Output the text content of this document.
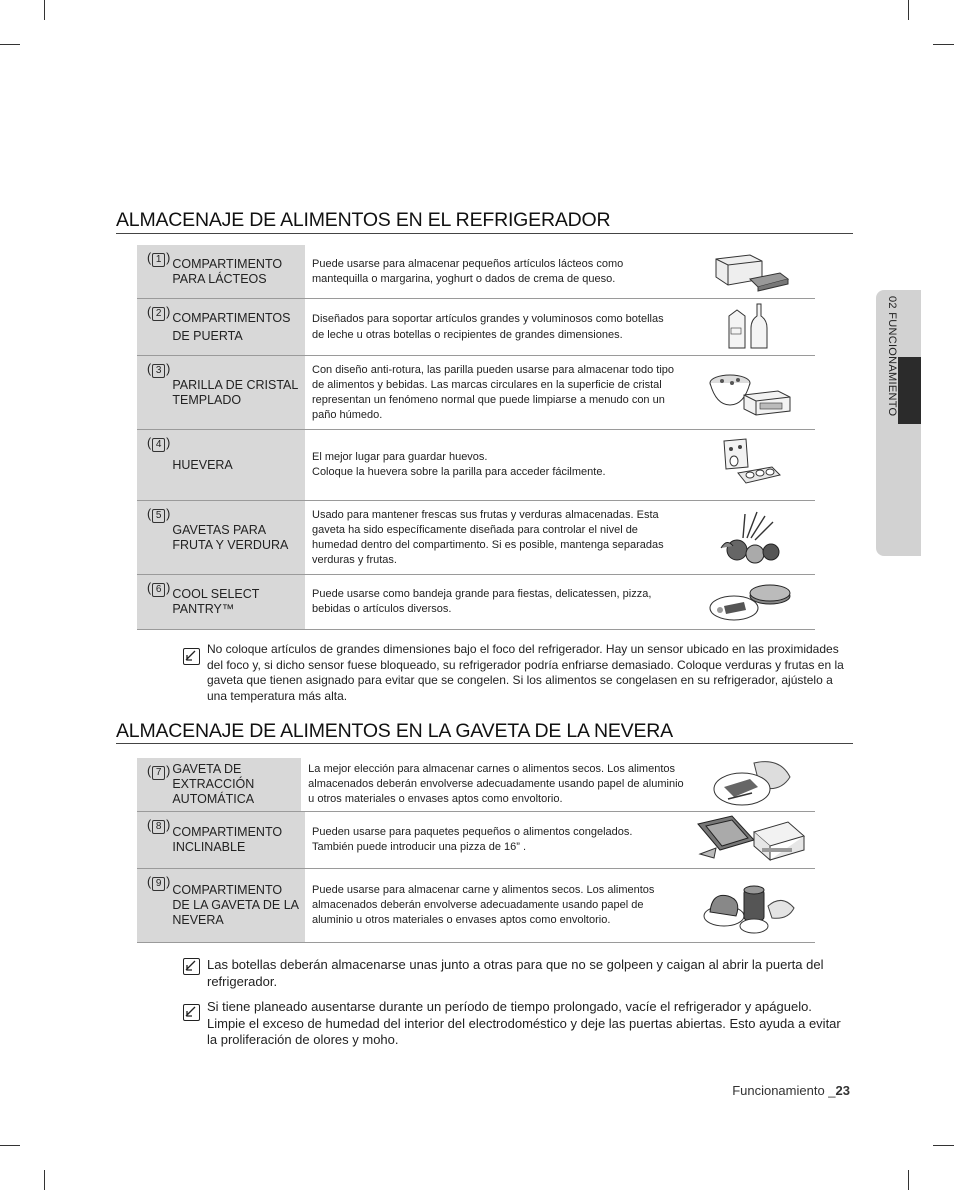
02 FUNCIONAMIENTO
ALMACENAJE DE ALIMENTOS EN EL REFRIGERADOR
( 1 ) COMPARTIMENTO PARA LÁCTEOS
Puede usarse para almacenar pequeños artículos lácteos como mantequilla o margarina, yoghurt o dados de crema de queso.
( 2 ) COMPARTIMENTOS DE PUERTA
Diseñados para soportar artículos grandes y voluminosos como botellas de leche u otras botellas o recipientes de grandes dimensiones.
( 3 )
PARILLA DE CRISTAL TEMPLADO
Con diseño anti-rotura, las parilla pueden usarse para almacenar todo tipo de alimentos y bebidas. Las marcas circulares en la superficie de cristal representan un fenómeno normal que puede limpiarse a menudo con un paño húmedo.
( 4 )
HUEVERA
El mejor lugar para guardar huevos.
Coloque la huevera sobre la parilla para acceder fácilmente.
( 5 )
GAVETAS PARA FRUTA Y VERDURA
Usado para mantener frescas sus frutas y verduras almacenadas. Esta gaveta ha sido específicamente diseñada para controlar el nivel de humedad dentro del compartimento. Si es posible, mantenga separadas verduras y frutas.
( 6 ) COOL SELECT PANTRY™
Puede usarse como bandeja grande para fiestas, delicatessen, pizza, bebidas o artículos diversos.
No coloque artículos de grandes dimensiones bajo el foco del refrigerador. Hay un sensor ubicado en las proximidades del foco y, si dicho sensor fuese bloqueado, su refrigerador podría enfriarse demasiado. Coloque verduras y frutas en la gaveta que tienen asignado para evitar que se congelen. Si los alimentos se congelasen en su refrigerador, ajústelo a una temperatura más alta.
ALMACENAJE DE ALIMENTOS EN LA GAVETA DE LA NEVERA
( 7 ) GAVETA DE EXTRACCIÓN AUTOMÁTICA
La mejor elección para almacenar carnes o alimentos secos. Los alimentos almacenados deberán envolverse adecuadamente usando papel de aluminio u otros materiales o envases aptos como envoltorio.
( 8 ) COMPARTIMENTO INCLINABLE
Pueden usarse para paquetes pequeños o alimentos congelados.
También puede introducir una pizza de 16” .
( 9 )
COMPARTIMENTO DE LA GAVETA DE LA NEVERA
Puede usarse para almacenar carne y alimentos secos. Los alimentos almacenados deberán envolverse adecuadamente usando papel de aluminio u otros materiales o envases aptos como envoltorio.
Las botellas deberán almacenarse unas junto a otras para que no se golpeen y caigan al abrir la puerta del refrigerador.
Si tiene planeado ausentarse durante un período de tiempo prolongado, vacíe el refrigerador y apáguelo. Limpie el exceso de humedad del interior del electrodoméstico y deje las puertas abiertas. Esto ayuda a evitar la proliferación de olores y moho.
Funcionamiento _23
